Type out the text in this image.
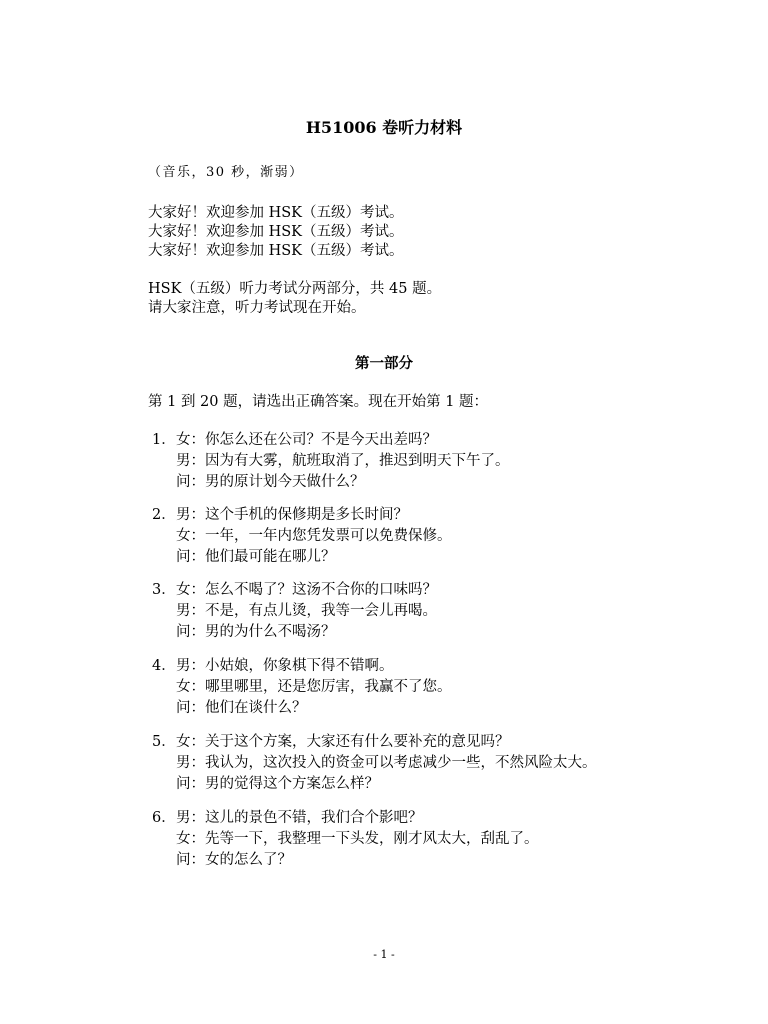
H51006 卷听力材料
（音乐，30 秒，渐弱）
大家好！欢迎参加 HSK（五级）考试。
大家好！欢迎参加 HSK（五级）考试。
大家好！欢迎参加 HSK（五级）考试。
HSK（五级）听力考试分两部分，共 45 题。
请大家注意，听力考试现在开始。
第一部分
第 1 到 20 题，请选出正确答案。现在开始第 1 题：
1． 女：你怎么还在公司？不是今天出差吗？
男：因为有大雾，航班取消了，推迟到明天下午了。
问：男的原计划今天做什么？
2． 男：这个手机的保修期是多长时间？
女：一年，一年内您凭发票可以免费保修。
问：他们最可能在哪儿？
3． 女：怎么不喝了？这汤不合你的口味吗？
男：不是，有点儿烫，我等一会儿再喝。
问：男的为什么不喝汤？
4． 男：小姑娘，你象棋下得不错啊。
女：哪里哪里，还是您厉害，我赢不了您。
问：他们在谈什么？
5． 女：关于这个方案，大家还有什么要补充的意见吗？
男：我认为，这次投入的资金可以考虑减少一些，不然风险太大。
问：男的觉得这个方案怎么样？
6． 男：这儿的景色不错，我们合个影吧？
女：先等一下，我整理一下头发，刚才风太大，刮乱了。
问：女的怎么了？
- 1 -
